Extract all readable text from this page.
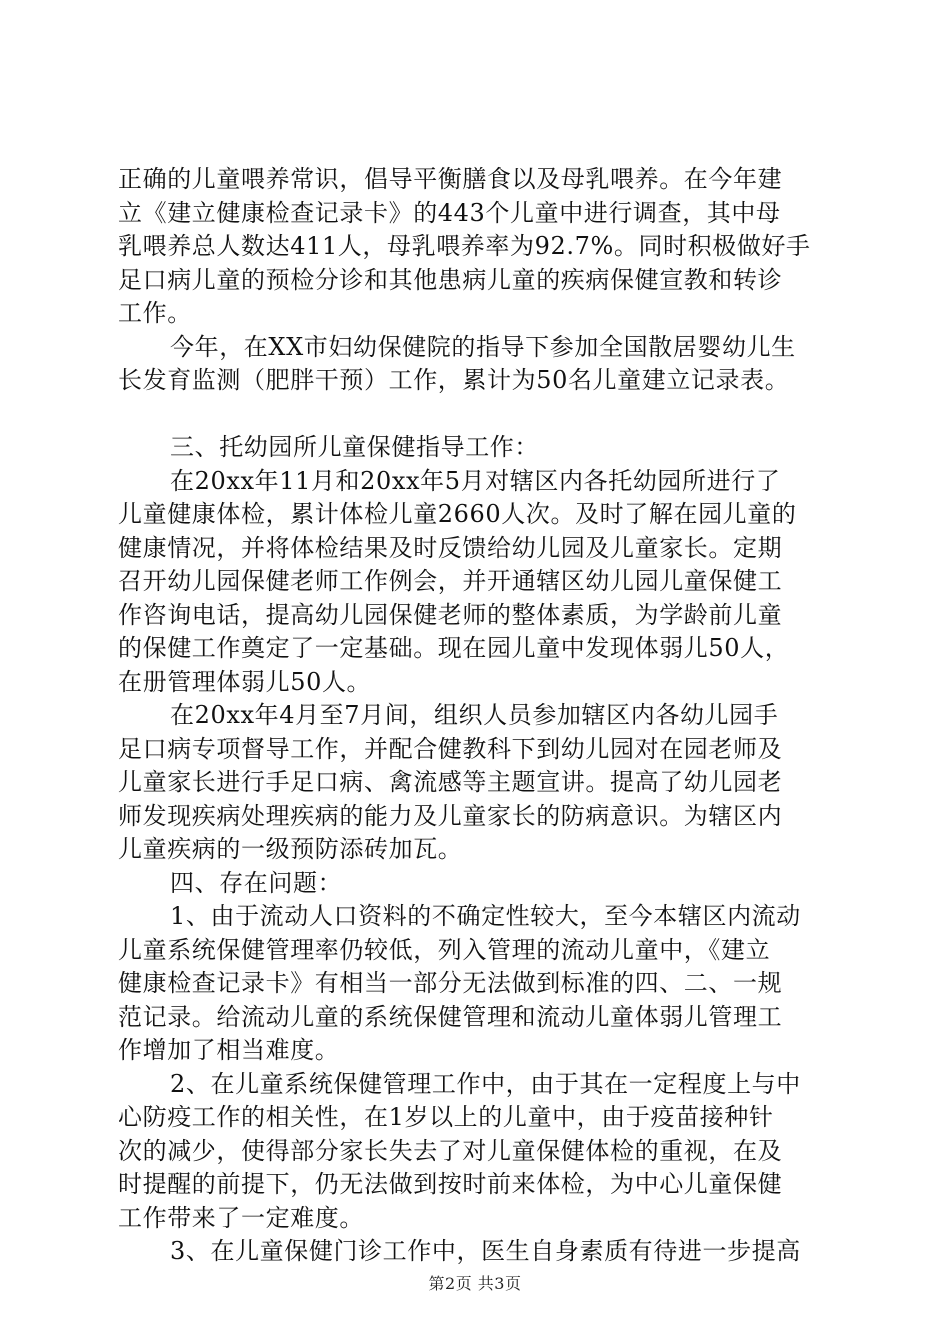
正确的儿童喂养常识，倡导平衡膳食以及母乳喂养。在今年建
立《建立健康检查记录卡》的443个儿童中进行调查，其中母
乳喂养总人数达411人，母乳喂养率为92.7%。同时积极做好手
足口病儿童的预检分诊和其他患病儿童的疾病保健宣教和转诊
工作。
今年，在XX市妇幼保健院的指导下参加全国散居婴幼儿生
长发育监测（肥胖干预）工作，累计为50名儿童建立记录表。
三、托幼园所儿童保健指导工作：
在20xx年11月和20xx年5月对辖区内各托幼园所进行了
儿童健康体检，累计体检儿童2660人次。及时了解在园儿童的
健康情况，并将体检结果及时反馈给幼儿园及儿童家长。定期
召开幼儿园保健老师工作例会，并开通辖区幼儿园儿童保健工
作咨询电话，提高幼儿园保健老师的整体素质，为学龄前儿童
的保健工作奠定了一定基础。现在园儿童中发现体弱儿50人，
在册管理体弱儿50人。
在20xx年4月至7月间，组织人员参加辖区内各幼儿园手
足口病专项督导工作，并配合健教科下到幼儿园对在园老师及
儿童家长进行手足口病、禽流感等主题宣讲。提高了幼儿园老
师发现疾病处理疾病的能力及儿童家长的防病意识。为辖区内
儿童疾病的一级预防添砖加瓦。
四、存在问题：
1、由于流动人口资料的不确定性较大，至今本辖区内流动
儿童系统保健管理率仍较低，列入管理的流动儿童中，《建立
健康检查记录卡》有相当一部分无法做到标准的四、二、一规
范记录。给流动儿童的系统保健管理和流动儿童体弱儿管理工
作增加了相当难度。
2、在儿童系统保健管理工作中，由于其在一定程度上与中
心防疫工作的相关性，在1岁以上的儿童中，由于疫苗接种针
次的减少，使得部分家长失去了对儿童保健体检的重视，在及
时提醒的前提下，仍无法做到按时前来体检，为中心儿童保健
工作带来了一定难度。
3、在儿童保健门诊工作中，医生自身素质有待进一步提高
第2页 共3页
